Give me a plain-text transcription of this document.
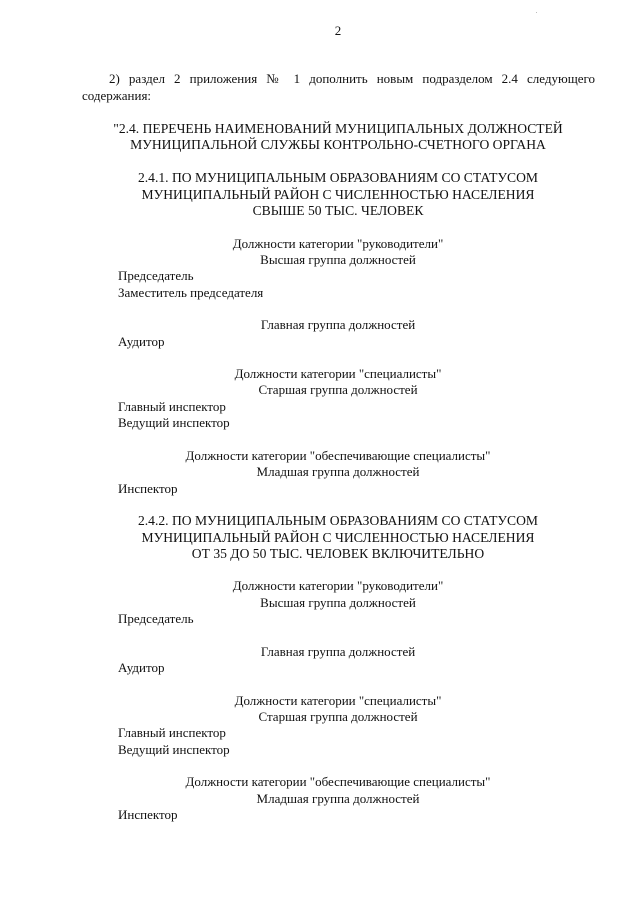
2
2) раздел 2 приложения № 1 дополнить новым подразделом 2.4 следующего
содержания:
"2.4. ПЕРЕЧЕНЬ НАИМЕНОВАНИЙ МУНИЦИПАЛЬНЫХ ДОЛЖНОСТЕЙ
МУНИЦИПАЛЬНОЙ СЛУЖБЫ КОНТРОЛЬНО-СЧЕТНОГО ОРГАНА
2.4.1. ПО МУНИЦИПАЛЬНЫМ ОБРАЗОВАНИЯМ СО СТАТУСОМ
МУНИЦИПАЛЬНЫЙ РАЙОН С ЧИСЛЕННОСТЬЮ НАСЕЛЕНИЯ
СВЫШЕ 50 ТЫС. ЧЕЛОВЕК
Должности категории "руководители"
Высшая группа должностей
Председатель
Заместитель председателя
Главная группа должностей
Аудитор
Должности категории "специалисты"
Старшая группа должностей
Главный инспектор
Ведущий инспектор
Должности категории "обеспечивающие специалисты"
Младшая группа должностей
Инспектор
2.4.2. ПО МУНИЦИПАЛЬНЫМ ОБРАЗОВАНИЯМ СО СТАТУСОМ
МУНИЦИПАЛЬНЫЙ РАЙОН С ЧИСЛЕННОСТЬЮ НАСЕЛЕНИЯ
ОТ 35 ДО 50 ТЫС. ЧЕЛОВЕК ВКЛЮЧИТЕЛЬНО
Должности категории "руководители"
Высшая группа должностей
Председатель
Главная группа должностей
Аудитор
Должности категории "специалисты"
Старшая группа должностей
Главный инспектор
Ведущий инспектор
Должности категории "обеспечивающие специалисты"
Младшая группа должностей
Инспектор
